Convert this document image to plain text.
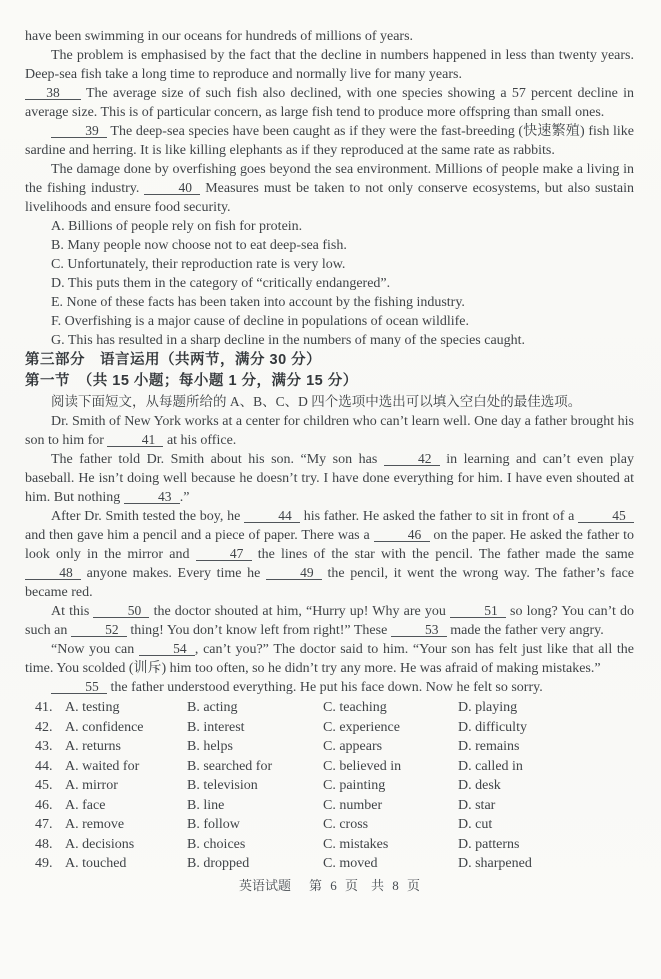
have been swimming in our oceans for hundreds of millions of years.

The problem is emphasised by the fact that the decline in numbers happened in less than twenty years. Deep-sea fish take a long time to reproduce and normally live for many years.

38 The average size of such fish also declined, with one species showing a 57 percent decline in average size. This is of particular concern, as large fish tend to produce more offspring than small ones.

39 The deep-sea species have been caught as if they were the fast-breeding (快速繁殖) fish like sardine and herring. It is like killing elephants as if they reproduced at the same rate as rabbits.

The damage done by overfishing goes beyond the sea environment. Millions of people make a living in the fishing industry.	40 Measures must be taken to not only conserve ecosystems, but also sustain livelihoods and ensure food security.

A. Billions of people rely on fish for protein.
B. Many people now choose not to eat deep-sea fish.
C. Unfortunately, their reproduction rate is very low.
D. This puts them in the category of “critically endangered”.
E. None of these facts has been taken into account by the fishing industry.
F. Overfishing is a major cause of decline in populations of ocean wildlife.
G. This has resulted in a sharp decline in the numbers of many of the species caught.

第三部分　语言运用（共两节，满分 30 分）

第一节　（共 15 小题；每小题 1 分，满分 15 分）

阅读下面短文，从每题所给的 A、B、C、D 四个选项中选出可以填入空白处的最佳选项。

Dr. Smith of New York works at a center for children who can’t learn well. One day a father brought his son to him for	41 at his office.

The father told Dr. Smith about his son. “My son has	42 in learning and can’t even play baseball. He isn’t doing well because he doesn’t try. I have done everything for him. I have even shouted at him. But nothing	43 .”

After Dr. Smith tested the boy, he	44 his father. He asked the father to sit in front of a	45 and then gave him a pencil and a piece of paper. There was a	46 on the paper. He asked the father to look only in the mirror and	47 the lines of the star with the pencil. The father made the same 48 anyone makes. Every time he	49 the pencil, it went the wrong way. The father’s face became red.

At this	50 the doctor shouted at him, “Hurry up! Why are you	51 so long? You can’t do such an	52 thing! You don’t know left from right!” These	53 made the father very angry.

“Now you can	54 , can’t you?” The doctor said to him. “Your son has felt just like that all the time. You scolded (训斥) him too often, so he didn’t try any more. He was afraid of making mistakes.”

55 the father understood everything. He put his face down. Now he felt so sorry.

41. A. testing	B. acting	C. teaching	D. playing
42. A. confidence	B. interest	C. experience	D. difficulty
43. A. returns	B. helps	C. appears	D. remains
44. A. waited for	B. searched for	C. believed in	D. called in
45. A. mirror	B. television	C. painting	D. desk
46. A. face	B. line	C. number	D. star
47. A. remove	B. follow	C. cross	D. cut
48. A. decisions	B. choices	C. mistakes	D. patterns
49. A. touched	B. dropped	C. moved	D. sharpened
英语试题 第 6 页　共 8 页
